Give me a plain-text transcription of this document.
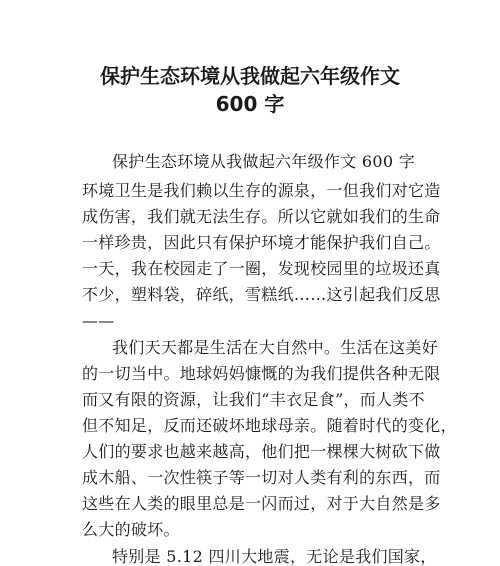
保护生态环境从我做起六年级作文
600 字

保护生态环境从我做起六年级作文 600 字

环境卫生是我们赖以生存的源泉，一但我们对它造

成伤害，我们就无法生存。所以它就如我们的生命

一样珍贵，因此只有保护环境才能保护我们自己。

一天，我在校园走了一圈，发现校园里的垃圾还真

不少，塑料袋，碎纸，雪糕纸……这引起我们反思

——

我们天天都是生活在大自然中。生活在这美好

的一切当中。地球妈妈慷慨的为我们提供各种无限

而又有限的资源，让我们“丰衣足食”，而人类不

但不知足，反而还破坏地球母亲。随着时代的变化，

人们的要求也越来越高，他们把一棵棵大树砍下做

成木船、一次性筷子等一切对人类有利的东西，而

这些在人类的眼里总是一闪而过，对于大自然是多

么大的破坏。

特别是 5.12 四川大地震，无论是我们国家，
